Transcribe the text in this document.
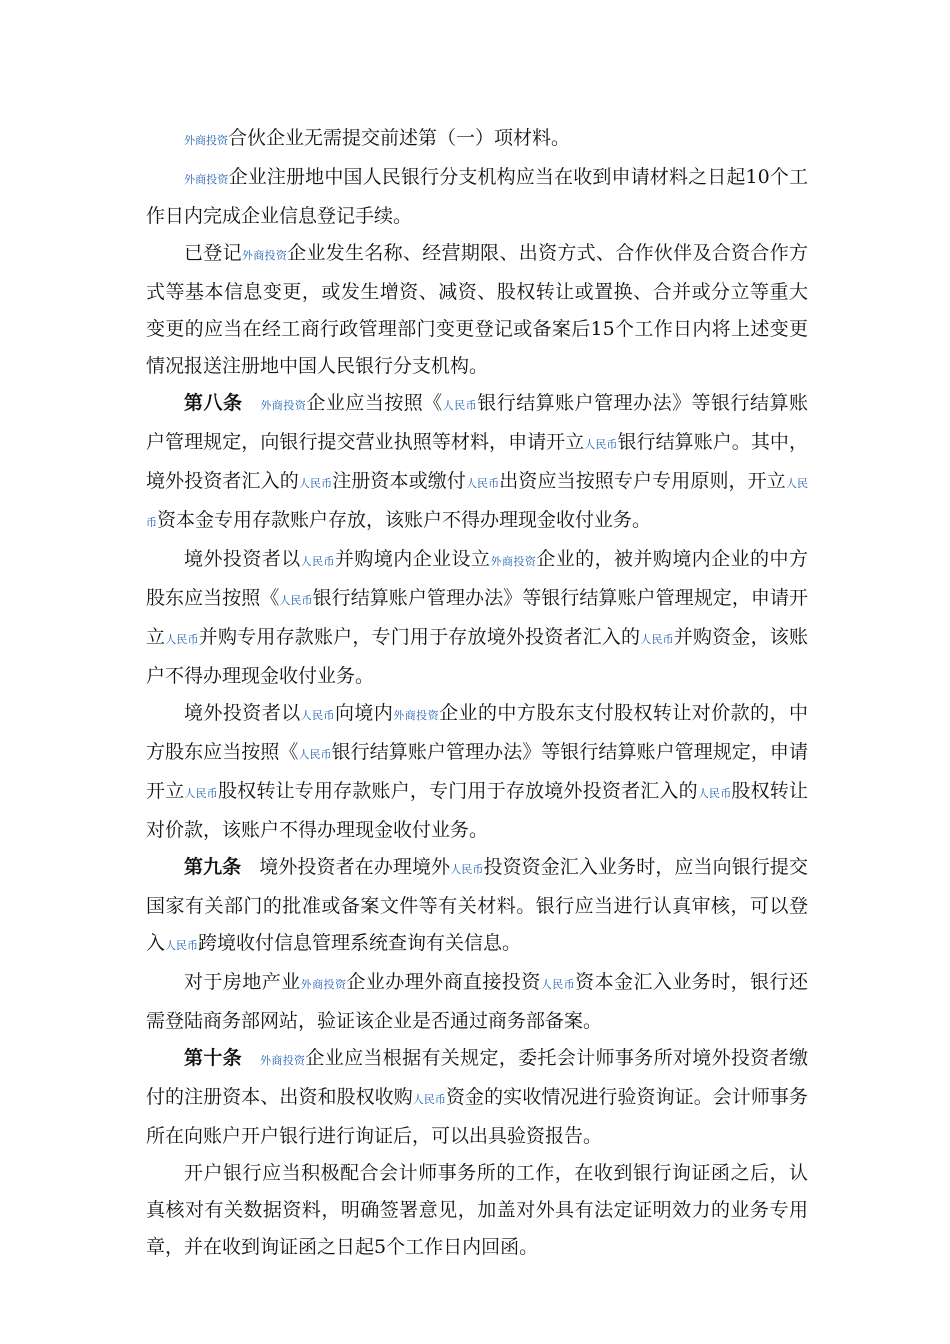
外商投资合伙企业无需提交前述第（一）项材料。

外商投资企业注册地中国人民银行分支机构应当在收到申请材料之日起10个工作日内完成企业信息登记手续。

已登记外商投资企业发生名称、经营期限、出资方式、合作伙伴及合资合作方式等基本信息变更，或发生增资、减资、股权转让或置换、合并或分立等重大变更的应当在经工商行政管理部门变更登记或备案后15个工作日内将上述变更情况报送注册地中国人民银行分支机构。

第八条 外商投资企业应当按照《人民币银行结算账户管理办法》等银行结算账户管理规定，向银行提交营业执照等材料，申请开立人民币银行结算账户。其中，境外投资者汇入的人民币注册资本或缴付人民币出资应当按照专户专用原则，开立人民币资本金专用存款账户存放，该账户不得办理现金收付业务。

境外投资者以人民币并购境内企业设立外商投资企业的，被并购境内企业的中方股东应当按照《人民币银行结算账户管理办法》等银行结算账户管理规定，申请开立人民币并购专用存款账户，专门用于存放境外投资者汇入的人民币并购资金，该账户不得办理现金收付业务。

境外投资者以人民币向境内外商投资企业的中方股东支付股权转让对价款的，中方股东应当按照《人民币银行结算账户管理办法》等银行结算账户管理规定，申请开立人民币股权转让专用存款账户，专门用于存放境外投资者汇入的人民币股权转让对价款，该账户不得办理现金收付业务。

第九条 境外投资者在办理境外人民币投资资金汇入业务时，应当向银行提交国家有关部门的批准或备案文件等有关材料。银行应当进行认真审核，可以登入人民币跨境收付信息管理系统查询有关信息。

对于房地产业外商投资企业办理外商直接投资人民币资本金汇入业务时，银行还需登陆商务部网站，验证该企业是否通过商务部备案。

第十条 外商投资企业应当根据有关规定，委托会计师事务所对境外投资者缴付的注册资本、出资和股权收购人民币资金的实收情况进行验资询证。会计师事务所在向账户开户银行进行询证后，可以出具验资报告。

开户银行应当积极配合会计师事务所的工作，在收到银行询证函之后，认真核对有关数据资料，明确签署意见，加盖对外具有法定证明效力的业务专用章，并在收到询证函之日起5个工作日内回函。
